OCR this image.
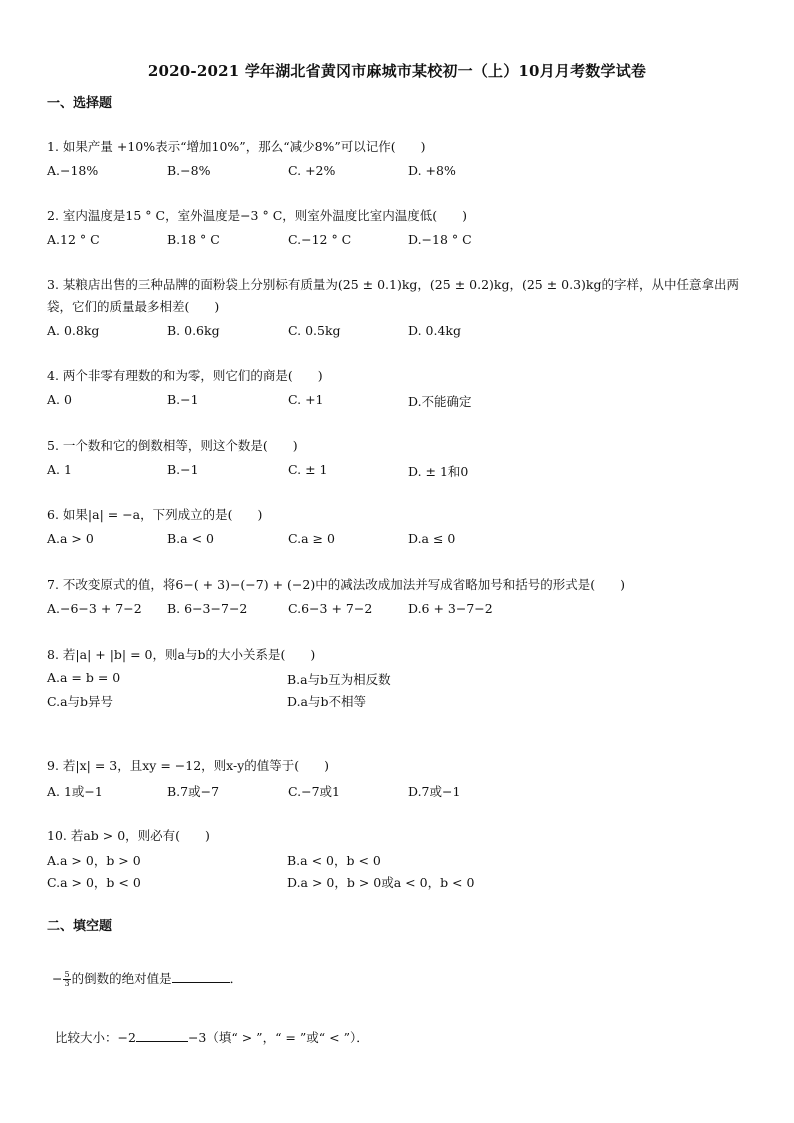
2020-2021 学年湖北省黄冈市麻城市某校初一（上）10月月考数学试卷
一、选择题
1. 如果产量 +10%表示“增加10%”，那么“减少8%”可以记作(　　)
A.−18%	B.−8%	C. +2%	D. +8%
2. 室内温度是15 ° C，室外温度是−3 ° C，则室外温度比室内温度低(　　)
A.12 ° C	B.18 ° C	C.−12 ° C	D.−18 ° C
3. 某粮店出售的三种品牌的面粉袋上分别标有质量为(25 ± 0.1)kg，(25 ± 0.2)kg，(25 ± 0.3)kg的字样，从中任意拿出两袋，它们的质量最多相差(　　)
A. 0.8kg	B. 0.6kg	C. 0.5kg	D. 0.4kg
4. 两个非零有理数的和为零，则它们的商是(　　)
A. 0	B.−1	C. +1	D.不能确定
5. 一个数和它的倒数相等，则这个数是(　　)
A. 1	B.−1	C. ± 1	D. ± 1和0
6. 如果|a| = −a，下列成立的是(　　)
A.a > 0	B.a < 0	C.a ≥ 0	D.a ≤ 0
7. 不改变原式的值，将6−( + 3)−(−7) + (−2)中的减法改成加法并写成省略加号和括号的形式是(　　)
A.−6−3 + 7−2 B. 6−3−7−2	C.6−3 + 7−2	D.6 + 3−7−2
8. 若|a| + |b| = 0，则a与b的大小关系是(　　)
A.a = b = 0	B.a与b互为相反数
C.a与b异号	D.a与b不相等
9. 若|x| = 3，且xy = −12，则x-y的值等于(　　)
A. 1或−1	B.7或−7	C.−7或1	D.7或−1
10. 若ab > 0，则必有(　　)
A.a > 0，b > 0	B.a < 0，b < 0
C.a > 0，b < 0	D.a > 0，b > 0或a < 0，b < 0
二、填空题
− $\frac{5}{3}$ 的倒数的绝对值是	．
比较大小：−2	−3（填“ > ”，“ = ”或“ < ”）．
